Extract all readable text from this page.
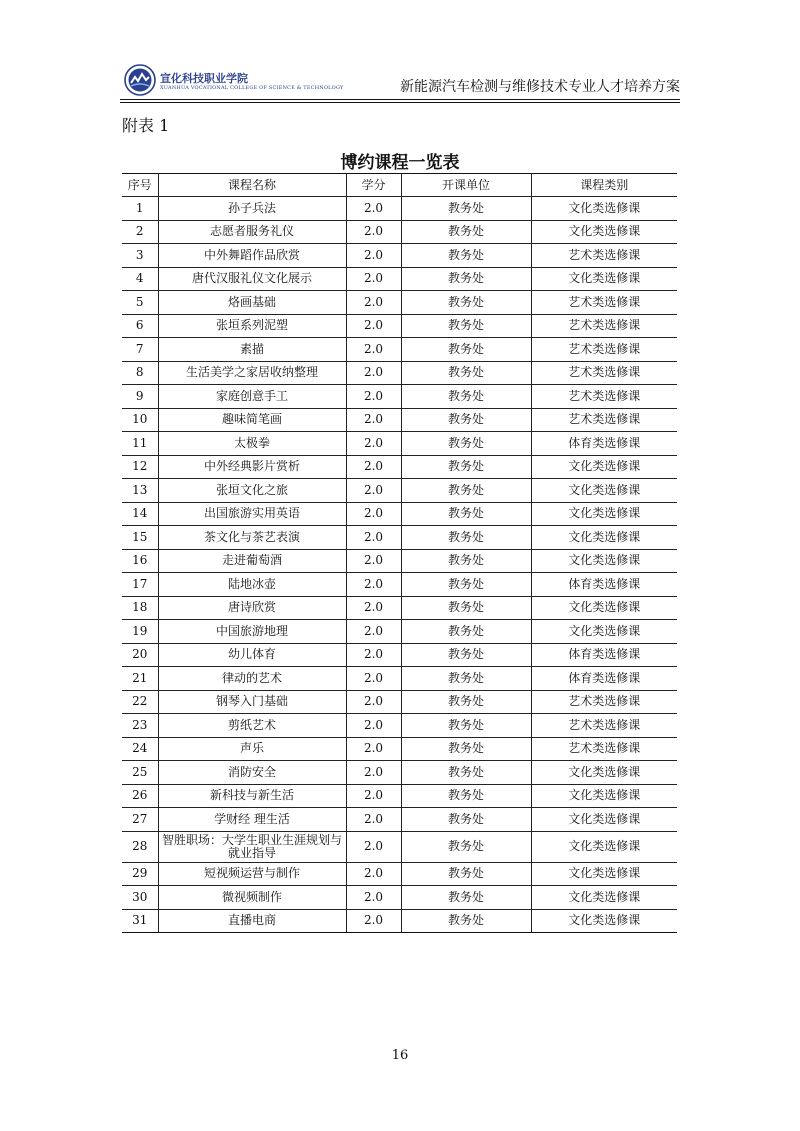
宣化科技职业学院
XUANHUA VOCATIONAL COLLEGE OF SCIENCE & TECHNOLOGY	新能源汽车检测与维修技术专业人才培养方案
附表 1
博约课程一览表
序号	课程名称	学分	开课单位	课程类别
1	孙子兵法	2.0	教务处	文化类选修课
2	志愿者服务礼仪	2.0	教务处	文化类选修课
3	中外舞蹈作品欣赏	2.0	教务处	艺术类选修课
4	唐代汉服礼仪文化展示	2.0	教务处	文化类选修课
5	烙画基础	2.0	教务处	艺术类选修课
6	张垣系列泥塑	2.0	教务处	艺术类选修课
7	素描	2.0	教务处	艺术类选修课
8	生活美学之家居收纳整理	2.0	教务处	艺术类选修课
9	家庭创意手工	2.0	教务处	艺术类选修课
10	趣味简笔画	2.0	教务处	艺术类选修课
11	太极拳	2.0	教务处	体育类选修课
12	中外经典影片赏析	2.0	教务处	文化类选修课
13	张垣文化之旅	2.0	教务处	文化类选修课
14	出国旅游实用英语	2.0	教务处	文化类选修课
15	茶文化与茶艺表演	2.0	教务处	文化类选修课
16	走进葡萄酒	2.0	教务处	文化类选修课
17	陆地冰壶	2.0	教务处	体育类选修课
18	唐诗欣赏	2.0	教务处	文化类选修课
19	中国旅游地理	2.0	教务处	文化类选修课
20	幼儿体育	2.0	教务处	体育类选修课
21	律动的艺术	2.0	教务处	体育类选修课
22	钢琴入门基础	2.0	教务处	艺术类选修课
23	剪纸艺术	2.0	教务处	艺术类选修课
24	声乐	2.0	教务处	艺术类选修课
25	消防安全	2.0	教务处	文化类选修课
26	新科技与新生活	2.0	教务处	文化类选修课
27	学财经 理生活	2.0	教务处	文化类选修课
28	智胜职场：大学生职业生涯规划与就业指导	2.0	教务处	文化类选修课
29	短视频运营与制作	2.0	教务处	文化类选修课
30	微视频制作	2.0	教务处	文化类选修课
31	直播电商	2.0	教务处	文化类选修课
16
